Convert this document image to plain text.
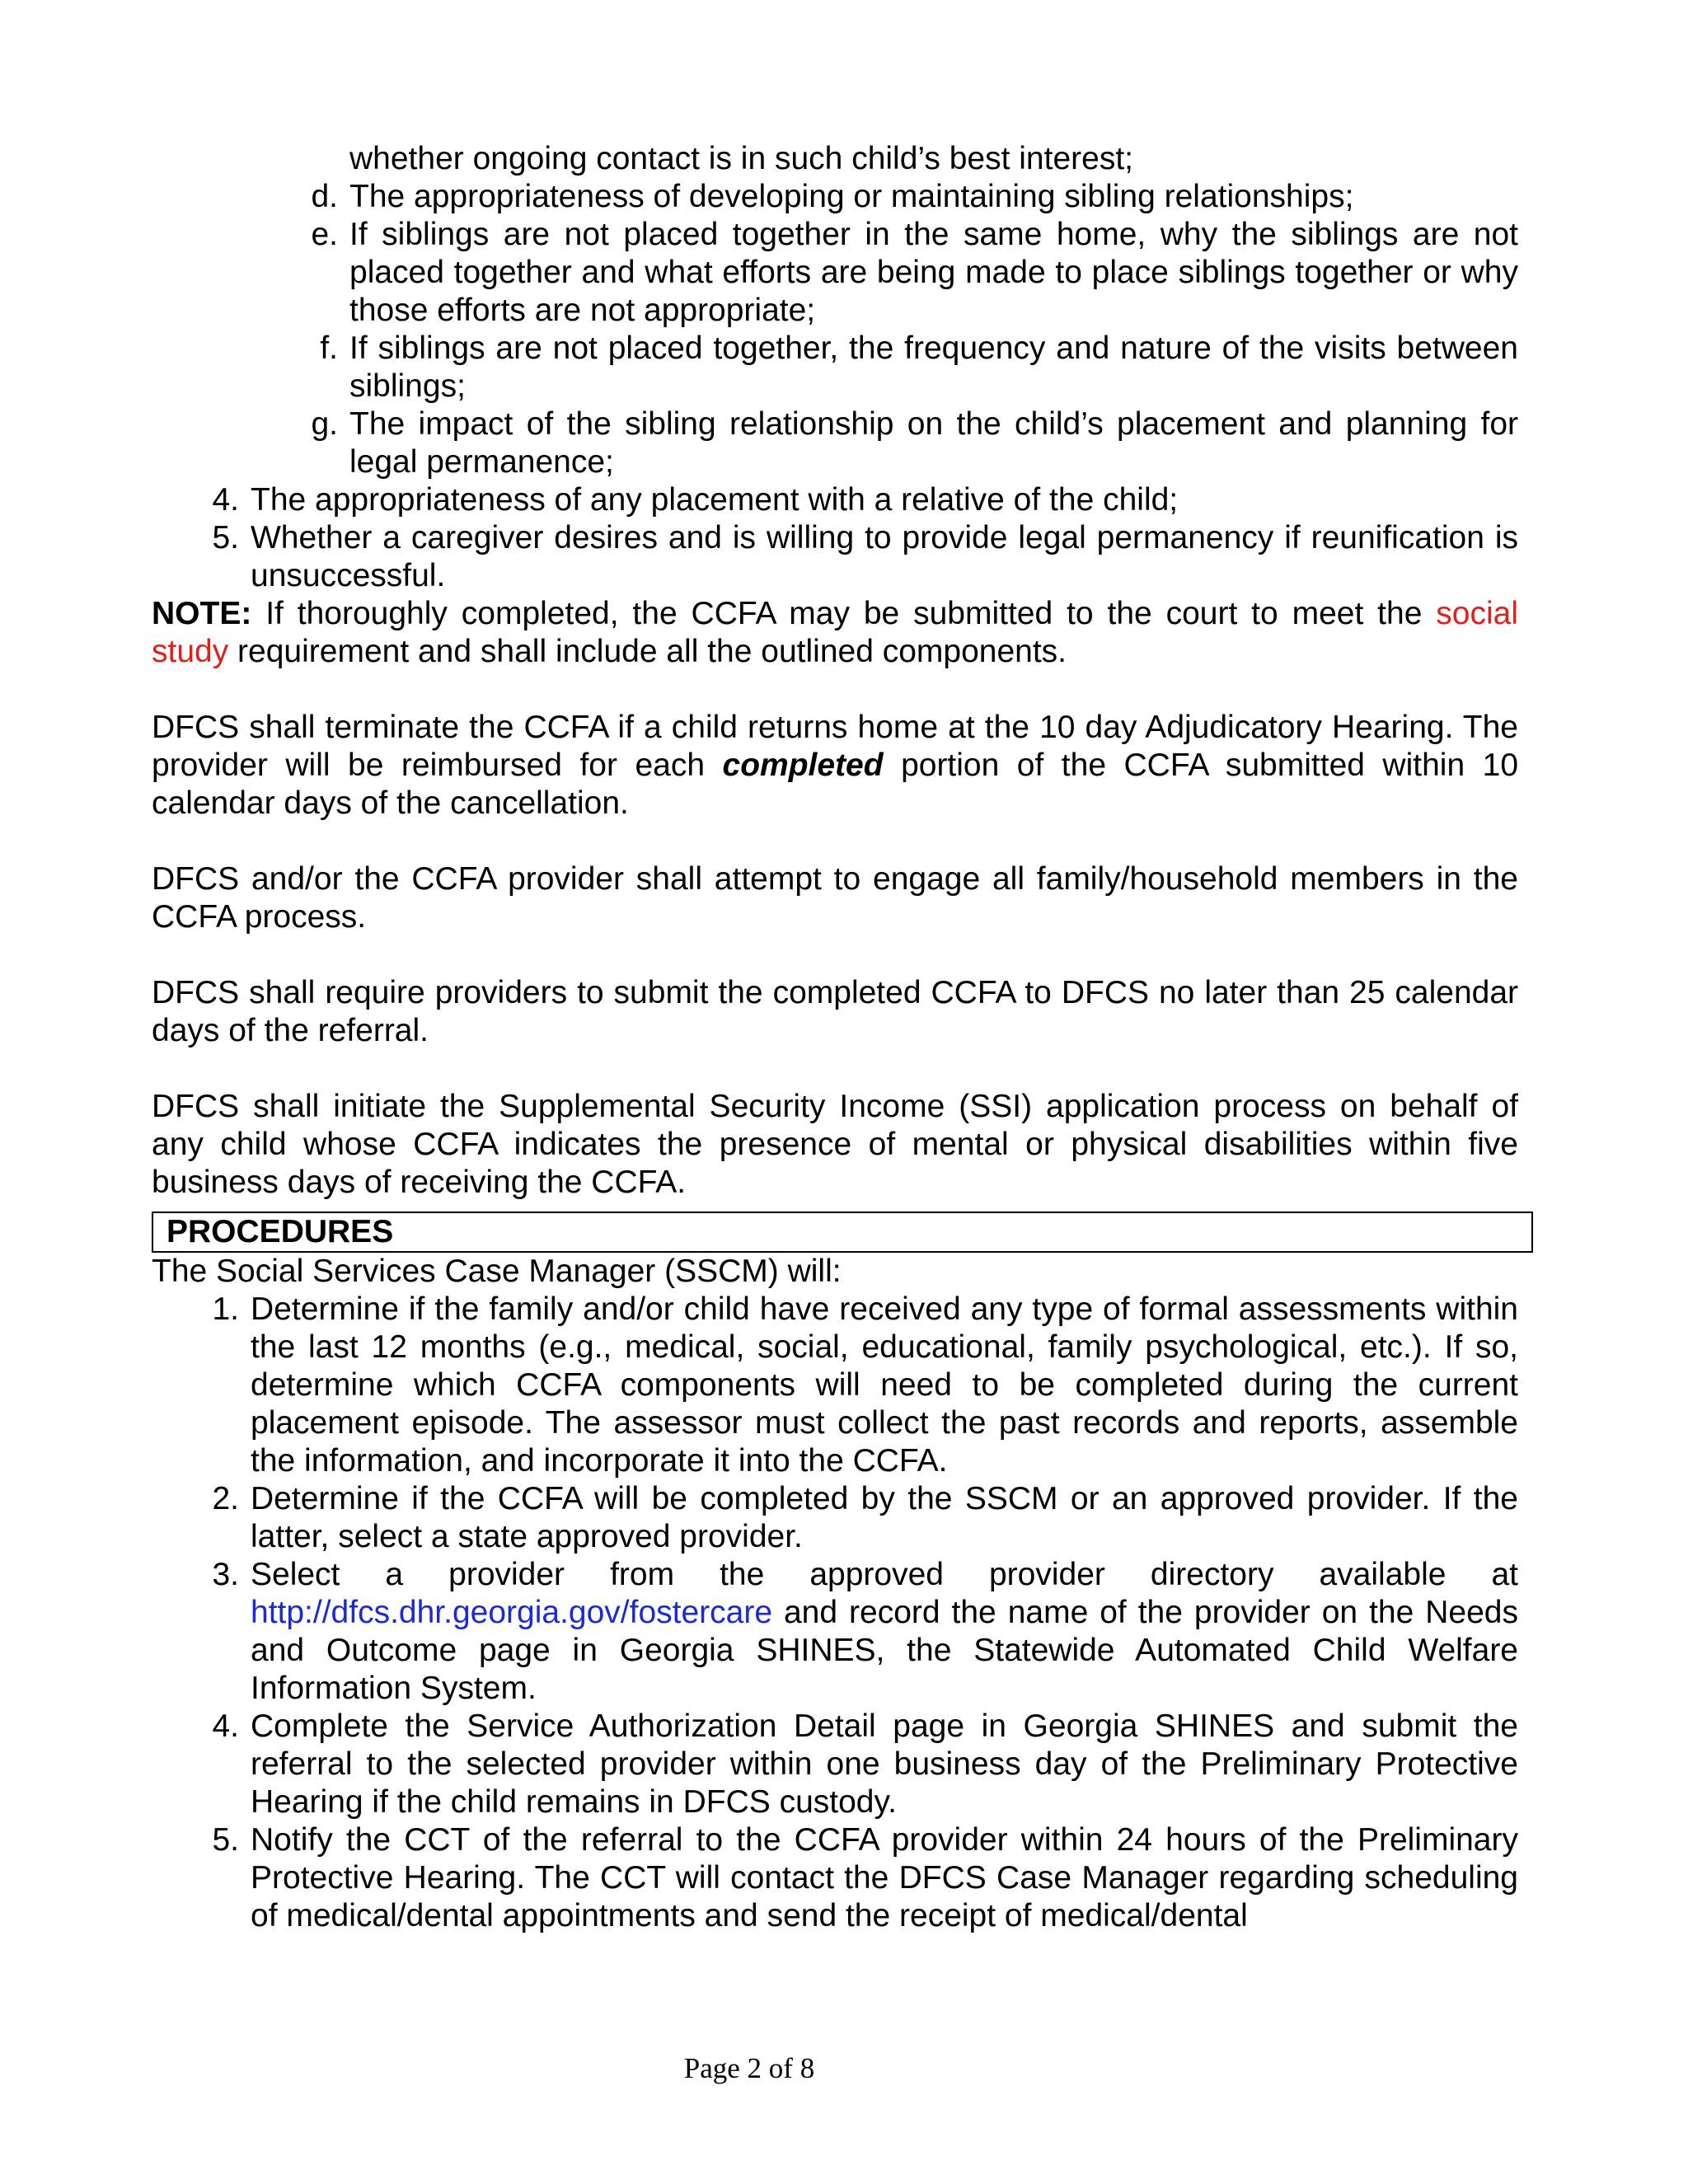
whether ongoing contact is in such child’s best interest;
d. The appropriateness of developing or maintaining sibling relationships;
e. If siblings are not placed together in the same home, why the siblings are not placed together and what efforts are being made to place siblings together or why those efforts are not appropriate;
f. If siblings are not placed together, the frequency and nature of the visits between siblings;
g. The impact of the sibling relationship on the child’s placement and planning for legal permanence;
4. The appropriateness of any placement with a relative of the child;
5. Whether a caregiver desires and is willing to provide legal permanency if reunification is unsuccessful.

NOTE: If thoroughly completed, the CCFA may be submitted to the court to meet the social study requirement and shall include all the outlined components.

DFCS shall terminate the CCFA if a child returns home at the 10 day Adjudicatory Hearing. The provider will be reimbursed for each completed portion of the CCFA submitted within 10 calendar days of the cancellation.

DFCS and/or the CCFA provider shall attempt to engage all family/household members in the CCFA process.

DFCS shall require providers to submit the completed CCFA to DFCS no later than 25 calendar days of the referral.

DFCS shall initiate the Supplemental Security Income (SSI) application process on behalf of any child whose CCFA indicates the presence of mental or physical disabilities within five business days of receiving the CCFA.

PROCEDURES

The Social Services Case Manager (SSCM) will:

1. Determine if the family and/or child have received any type of formal assessments within the last 12 months (e.g., medical, social, educational, family psychological, etc.). If so, determine which CCFA components will need to be completed during the current placement episode. The assessor must collect the past records and reports, assemble the information, and incorporate it into the CCFA.
2. Determine if the CCFA will be completed by the SSCM or an approved provider. If the latter, select a state approved provider.
3. Select a provider from the approved provider directory available at http://dfcs.dhr.georgia.gov/fostercare and record the name of the provider on the Needs and Outcome page in Georgia SHINES, the Statewide Automated Child Welfare Information System.
4. Complete the Service Authorization Detail page in Georgia SHINES and submit the referral to the selected provider within one business day of the Preliminary Protective Hearing if the child remains in DFCS custody.
5. Notify the CCT of the referral to the CCFA provider within 24 hours of the Preliminary Protective Hearing. The CCT will contact the DFCS Case Manager regarding scheduling of medical/dental appointments and send the receipt of medical/dental
Page 2 of 8
